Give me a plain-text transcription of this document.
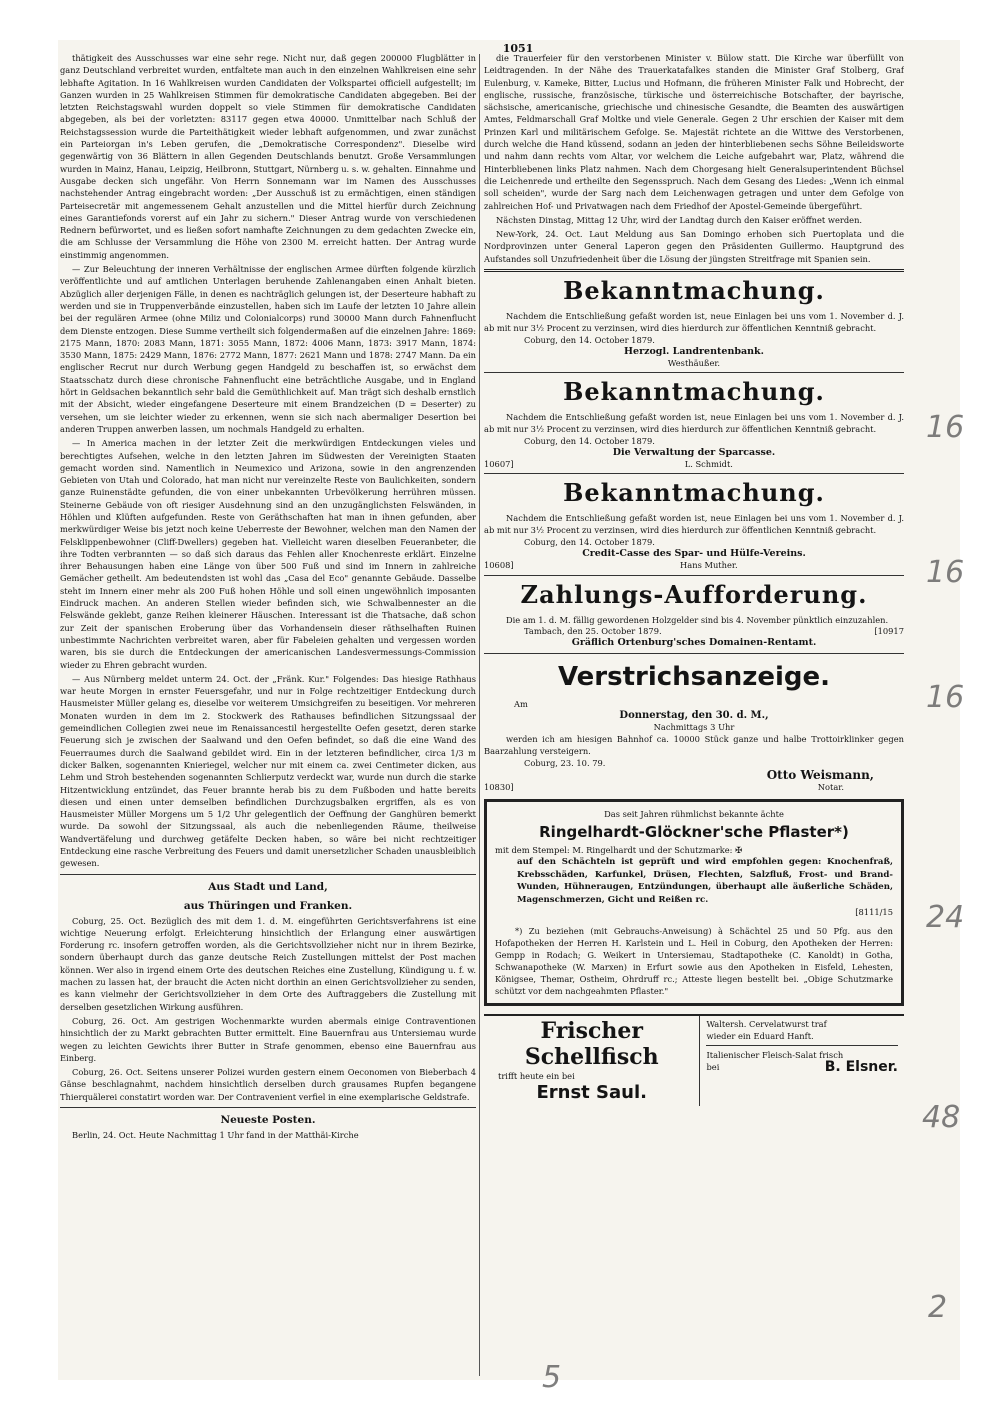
1051

thätigkeit des Ausschusses war eine sehr rege. Nicht nur, daß gegen 200000 Flugblätter in ganz Deutschland verbreitet wurden, entfaltete man auch in den einzelnen Wahlkreisen eine sehr lebhafte Agitation. In 16 Wahlkreisen wurden Candidaten der Volkspartei officiell aufgestellt; im Ganzen wurden in 25 Wahlkreisen Stimmen für demokratische Candidaten abgegeben. Bei der letzten Reichstagswahl wurden doppelt so viele Stimmen für demokratische Candidaten abgegeben, als bei der vorletzten: 83117 gegen etwa 40000. Unmittelbar nach Schluß der Reichstagssession wurde die Parteithätigkeit wieder lebhaft aufgenommen, und zwar zunächst ein Parteiorgan in's Leben gerufen, die „Demokratische Correspondenz". Dieselbe wird gegenwärtig von 36 Blättern in allen Gegenden Deutschlands benutzt. Große Versammlungen wurden in Mainz, Hanau, Leipzig, Heilbronn, Stuttgart, Nürnberg u. s. w. gehalten. Einnahme und Ausgabe decken sich ungefähr. Von Herrn Sonnemann war im Namen des Ausschusses nachstehender Antrag eingebracht worden: „Der Ausschuß ist zu ermächtigen, einen ständigen Parteisecretär mit angemessenem Gehalt anzustellen und die Mittel hierfür durch Zeichnung eines Garantiefonds vorerst auf ein Jahr zu sichern." Dieser Antrag wurde von verschiedenen Rednern befürwortet, und es ließen sofort namhafte Zeichnungen zu dem gedachten Zwecke ein, die am Schlusse der Versammlung die Höhe von 2300 M. erreicht hatten. Der Antrag wurde einstimmig angenommen.

— Zur Beleuchtung der inneren Verhältnisse der englischen Armee dürften folgende kürzlich veröffentlichte und auf amtlichen Unterlagen beruhende Zahlenangaben einen Anhalt bieten. Abzüglich aller derjenigen Fälle, in denen es nachträglich gelungen ist, der Deserteure habhaft zu werden und sie in Truppenverbände einzustellen, haben sich im Laufe der letzten 10 Jahre allein bei der regulären Armee (ohne Miliz und Colonialcorps) rund 30000 Mann durch Fahnenflucht dem Dienste entzogen. Diese Summe vertheilt sich folgendermaßen auf die einzelnen Jahre: 1869: 2175 Mann, 1870: 2083 Mann, 1871: 3055 Mann, 1872: 4006 Mann, 1873: 3917 Mann, 1874: 3530 Mann, 1875: 2429 Mann, 1876: 2772 Mann, 1877: 2621 Mann und 1878: 2747 Mann. Da ein englischer Recrut nur durch Werbung gegen Handgeld zu beschaffen ist, so erwächst dem Staatsschatz durch diese chronische Fahnenflucht eine beträchtliche Ausgabe, und in England hört in Geldsachen bekanntlich sehr bald die Gemüthlichkeit auf. Man trägt sich deshalb ernstlich mit der Absicht, wieder eingefangene Deserteure mit einem Brandzeichen (D = Deserter) zu versehen, um sie leichter wieder zu erkennen, wenn sie sich nach abermaliger Desertion bei anderen Truppen anwerben lassen, um nochmals Handgeld zu erhalten.

— In America machen in der letzter Zeit die merkwürdigen Entdeckungen vieles und berechtigtes Aufsehen, welche in den letzten Jahren im Südwesten der Vereinigten Staaten gemacht worden sind. Namentlich in Neumexico und Arizona, sowie in den angrenzenden Gebieten von Utah und Colorado, hat man nicht nur vereinzelte Reste von Baulichkeiten, sondern ganze Ruinenstädte gefunden, die von einer unbekannten Urbevölkerung herrühren müssen. Steinerne Gebäude von oft riesiger Ausdehnung sind an den unzugänglichsten Felswänden, in Höhlen und Klüften aufgefunden. Reste von Geräthschaften hat man in ihnen gefunden, aber merkwürdiger Weise bis jetzt noch keine Ueberreste der Bewohner, welchen man den Namen der Felsklippenbewohner (Cliff-Dwellers) gegeben hat. Vielleicht waren dieselben Feueranbeter, die ihre Todten verbrannten — so daß sich daraus das Fehlen aller Knochenreste erklärt. Einzelne ihrer Behausungen haben eine Länge von über 500 Fuß und sind im Innern in zahlreiche Gemächer getheilt. Am bedeutendsten ist wohl das „Casa del Eco" genannte Gebäude. Dasselbe steht im Innern einer mehr als 200 Fuß hohen Höhle und soll einen ungewöhnlich imposanten Eindruck machen. An anderen Stellen wieder befinden sich, wie Schwalbennester an die Felswände geklebt, ganze Reihen kleinerer Häuschen. Interessant ist die Thatsache, daß schon zur Zeit der spanischen Eroberung über das Vorhandensein dieser räthselhaften Ruinen unbestimmte Nachrichten verbreitet waren, aber für Fabeleien gehalten und vergessen worden waren, bis sie durch die Entdeckungen der americanischen Landesvermessungs-Commission wieder zu Ehren gebracht wurden.

— Aus Nürnberg meldet unterm 24. Oct. der „Fränk. Kur." Folgendes: Das hiesige Rathhaus war heute Morgen in ernster Feuersgefahr, und nur in Folge rechtzeitiger Entdeckung durch Hausmeister Müller gelang es, dieselbe vor weiterem Umsichgreifen zu beseitigen. Vor mehreren Monaten wurden in dem im 2. Stockwerk des Rathauses befindlichen Sitzungssaal der gemeindlichen Collegien zwei neue im Renaissancestil hergestellte Oefen gesetzt, deren starke Feuerung sich je zwischen der Saalwand und den Oefen befindet, so daß die eine Wand des Feuerraumes durch die Saalwand gebildet wird. Ein in der letzteren befindlicher, circa 1/3 m dicker Balken, sogenannten Knieriegel, welcher nur mit einem ca. zwei Centimeter dicken, aus Lehm und Stroh bestehenden sogenannten Schlierputz verdeckt war, wurde nun durch die starke Hitzentwicklung entzündet, das Feuer brannte herab bis zu dem Fußboden und hatte bereits diesen und einen unter demselben befindlichen Durchzugsbalken ergriffen, als es von Hausmeister Müller Morgens um 5 1/2 Uhr gelegentlich der Oeffnung der Ganghüren bemerkt wurde. Da sowohl der Sitzungssaal, als auch die nebenliegenden Räume, theilweise Wandvertäfelung und durchweg getäfelte Decken haben, so wäre bei nicht rechtzeitiger Entdeckung eine rasche Verbreitung des Feuers und damit unersetzlicher Schaden unausbleiblich gewesen.

Aus Stadt und Land,
aus Thüringen und Franken.

Coburg, 25. Oct. Bezüglich des mit dem 1. d. M. eingeführten Gerichtsverfahrens ist eine wichtige Neuerung erfolgt. Erleichterung hinsichtlich der Erlangung einer auswärtigen Forderung rc. insofern getroffen worden, als die Gerichtsvollzieher nicht nur in ihrem Bezirke, sondern überhaupt durch das ganze deutsche Reich Zustellungen mittelst der Post machen können. Wer also in irgend einem Orte des deutschen Reiches eine Zustellung, Kündigung u. f. w. machen zu lassen hat, der braucht die Acten nicht dorthin an einen Gerichtsvollzieher zu senden, es kann vielmehr der Gerichtsvollzieher in dem Orte des Auftraggebers die Zustellung mit derselben gesetzlichen Wirkung ausführen.

Coburg, 26. Oct. Am gestrigen Wochenmarkte wurden abermals einige Contraventionen hinsichtlich der zu Markt gebrachten Butter ermittelt. Eine Bauernfrau aus Untersiemau wurde wegen zu leichten Gewichts ihrer Butter in Strafe genommen, ebenso eine Bauernfrau aus Einberg.

Coburg, 26. Oct. Seitens unserer Polizei wurden gestern einem Oeconomen von Bieberbach 4 Gänse beschlagnahmt, nachdem hinsichtlich derselben durch grausames Rupfen begangene Thierquälerei constatirt worden war. Der Contravenient verfiel in eine exemplarische Geldstrafe.

Neueste Posten.

Berlin, 24. Oct. Heute Nachmittag 1 Uhr fand in der Matthäi-Kirche

die Trauerfeier für den verstorbenen Minister v. Bülow statt. Die Kirche war überfüllt von Leidtragenden. In der Nähe des Trauerkatafalkes standen die Minister Graf Stolberg, Graf Eulenburg, v. Kameke, Bitter, Lucius und Hofmann, die früheren Minister Falk und Hobrecht, der englische, russische, französische, türkische und österreichische Botschafter, der bayrische, sächsische, americanische, griechische und chinesische Gesandte, die Beamten des auswärtigen Amtes, Feldmarschall Graf Moltke und viele Generale. Gegen 2 Uhr erschien der Kaiser mit dem Prinzen Karl und militärischem Gefolge. Se. Majestät richtete an die Wittwe des Verstorbenen, durch welche die Hand küssend, sodann an jeden der hinterbliebenen sechs Söhne Beileidsworte und nahm dann rechts vom Altar, vor welchem die Leiche aufgebahrt war, Platz, während die Hinterbliebenen links Platz nahmen. Nach dem Chorgesang hielt Generalsuperintendent Büchsel die Leichenrede und ertheilte den Segensspruch. Nach dem Gesang des Liedes: „Wenn ich einmal soll scheiden", wurde der Sarg nach dem Leichenwagen getragen und unter dem Gefolge von zahlreichen Hof- und Privatwagen nach dem Friedhof der Apostel-Gemeinde übergeführt.

Nächsten Dinstag, Mittag 12 Uhr, wird der Landtag durch den Kaiser eröffnet werden.

New-York, 24. Oct. Laut Meldung aus San Domingo erhoben sich Puertoplata und die Nordprovinzen unter General Laperon gegen den Präsidenten Guillermo. Hauptgrund des Aufstandes soll Unzufriedenheit über die Lösung der jüngsten Streitfrage mit Spanien sein.

Bekanntmachung.
Nachdem die Entschließung gefaßt worden ist, neue Einlagen bei uns vom 1. November d. J. ab mit nur 3½ Procent zu verzinsen, wird dies hierdurch zur öffentlichen Kenntniß gebracht.
Coburg, den 14. October 1879.
Herzogl. Landrentenbank.
Westhäußer.
Bekanntmachung.
Nachdem die Entschließung gefaßt worden ist, neue Einlagen bei uns vom 1. November d. J. ab mit nur 3½ Procent zu verzinsen, wird dies hierdurch zur öffentlichen Kenntniß gebracht.
Coburg, den 14. October 1879.
Die Verwaltung der Sparcasse.
10607]	L. Schmidt.
Bekanntmachung.
Nachdem die Entschließung gefaßt worden ist, neue Einlagen bei uns vom 1. November d. J. ab mit nur 3½ Procent zu verzinsen, wird dies hierdurch zur öffentlichen Kenntniß gebracht.
Coburg, den 14. October 1879.
Credit-Casse des Spar- und Hülfe-Vereins.
10608]	Hans Muther.
Zahlungs-Aufforderung.
Die am 1. d. M. fällig gewordenen Holzgelder sind bis 4. November pünktlich einzuzahlen.
Tambach, den 25. October 1879.	[10917
Gräflich Ortenburg'sches Domainen-Rentamt.
Verstrichsanzeige.
Am
Donnerstag, den 30. d. M.,
Nachmittags 3 Uhr
werden ich am hiesigen Bahnhof ca. 10000 Stück ganze und halbe Trottoirklinker gegen Baarzahlung versteigern.
Coburg, 23. 10. 79.
Otto Weismann,
10830]	Notar.
Das seit Jahren rühmlichst bekannte ächte
Ringelhardt-Glöckner'sche Pflaster*)
mit dem Stempel: M. Ringelhardt und der Schutzmarke: ✠
auf den Schächteln ist geprüft und wird empfohlen gegen: Knochenfraß, Krebsschäden, Karfunkel, Drüsen, Flechten, Salzfluß, Frost- und Brand-Wunden, Hühneraugen, Entzündungen, überhaupt alle äußerliche Schäden, Magenschmerzen, Gicht und Reißen rc.
[8111/15
*) Zu beziehen (mit Gebrauchs-Anweisung) à Schächtel 25 und 50 Pfg. aus den Hofapotheken der Herren H. Karlstein und L. Heil in Coburg, den Apotheken der Herren: Gempp in Rodach; G. Weikert in Untersiemau, Stadtapotheke (C. Kanoldt) in Gotha, Schwanapotheke (W. Marxen) in Erfurt sowie aus den Apotheken in Eisfeld, Lehesten, Königsee, Themar, Ostheim, Ohrdruff rc.; Atteste liegen bestellt bei. „Obige Schutzmarke schützt vor dem nachgeahmten Pflaster."
Frischer Schellfisch
trifft heute ein bei
Ernst Saul.
Waltersh. Cervelatwurst traf
wieder ein Eduard Hanft.
Italienischer Fleisch-Salat frisch
bei	B. Elsner.
16
16
16
24
48
2
5
